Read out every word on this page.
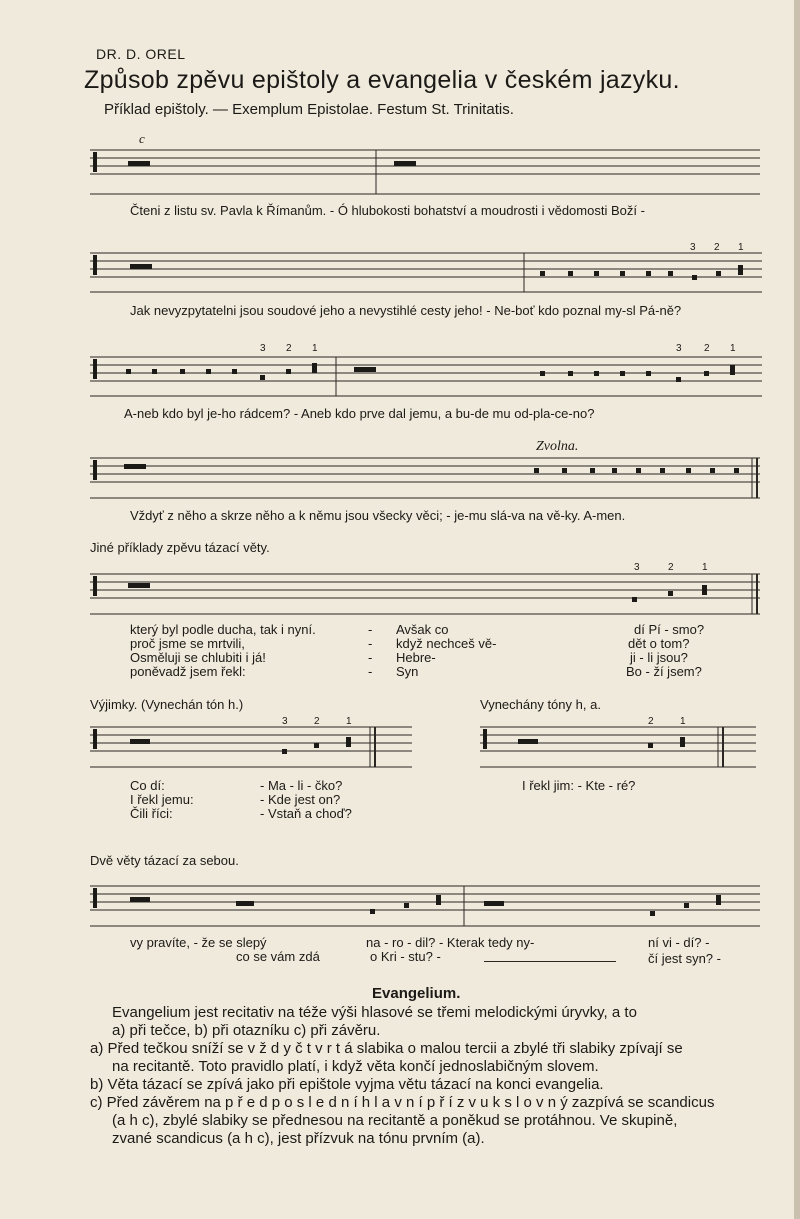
DR. D. OREL
Způsob zpěvu epištoly a evangelia v českém jazyku.
Příklad epištoly. — Exemplum Epistolae. Festum St. Trinitatis.
c
Čteni z listu sv. Pavla k Římanům. - Ó hlubokosti bohatství a moudrosti i vědomosti Boží -
3 2 1
Jak nevyzpytatelni jsou soudové jeho a nevystihlé cesty jeho! - Ne-boť kdo poznal my-sl Pá-ně?
3 2 1	3 2 1
A-neb kdo byl je-ho rádcem? - Aneb kdo prve dal jemu, a bu-de mu od-pla-ce-no?
Zvolna.
Vždyť z něho a skrze něho a k němu jsou všecky věci; - je-mu slá-va na vě-ky. A-men.
Jiné příklady zpěvu tázací věty.
3	2	1
který byl podle ducha, tak i nyní.	- Avšak co	dí Pí - smo?
proč jsme se mrtvili,	- když nechceš vě-	dět o tom?
Osměluji se chlubiti i já!	- Hebre-	ji - li jsou?
poněvadž jsem řekl:	- Syn	Bo - ží jsem?
Výjimky. (Vynechán tón h.)
3	2	1
Co dí:	- Ma - li - čko?
I řekl jemu:	- Kde jest on?
Čili říci:	- Vstaň a choď?
Vynechány tóny h, a.
2	1
I řekl jim: - Kte - ré?
Dvě věty tázací za sebou.
vy pravíte, - že se slepý	na - ro - dil? - Kterak tedy ny-	ní vi - dí? -
co se vám zdá	o Kri - stu? -	čí jest syn? -
Evangelium.
Evangelium jest recitativ na téže výši hlasové se třemi melodickými úryvky, a to
a) při tečce, b) při otazníku c) při závěru.
a) Před tečkou sníží se v ž d y č t v r t á slabika o malou tercii a zbylé tři slabiky zpívají se
na recitantě. Toto pravidlo platí, i když věta končí jednoslabičným slovem.
b) Věta tázací se zpívá jako při epištole vyjma větu tázací na konci evangelia.
c) Před závěrem na p ř e d p o s l e d n í h l a v n í p ř í z v u k s l o v n ý zazpívá se scandicus
(a h c), zbylé slabiky se přednesou na recitantě a poněkud se protáhnou. Ve skupině,
zvané scandicus (a h c), jest přízvuk na tónu prvním (a).
